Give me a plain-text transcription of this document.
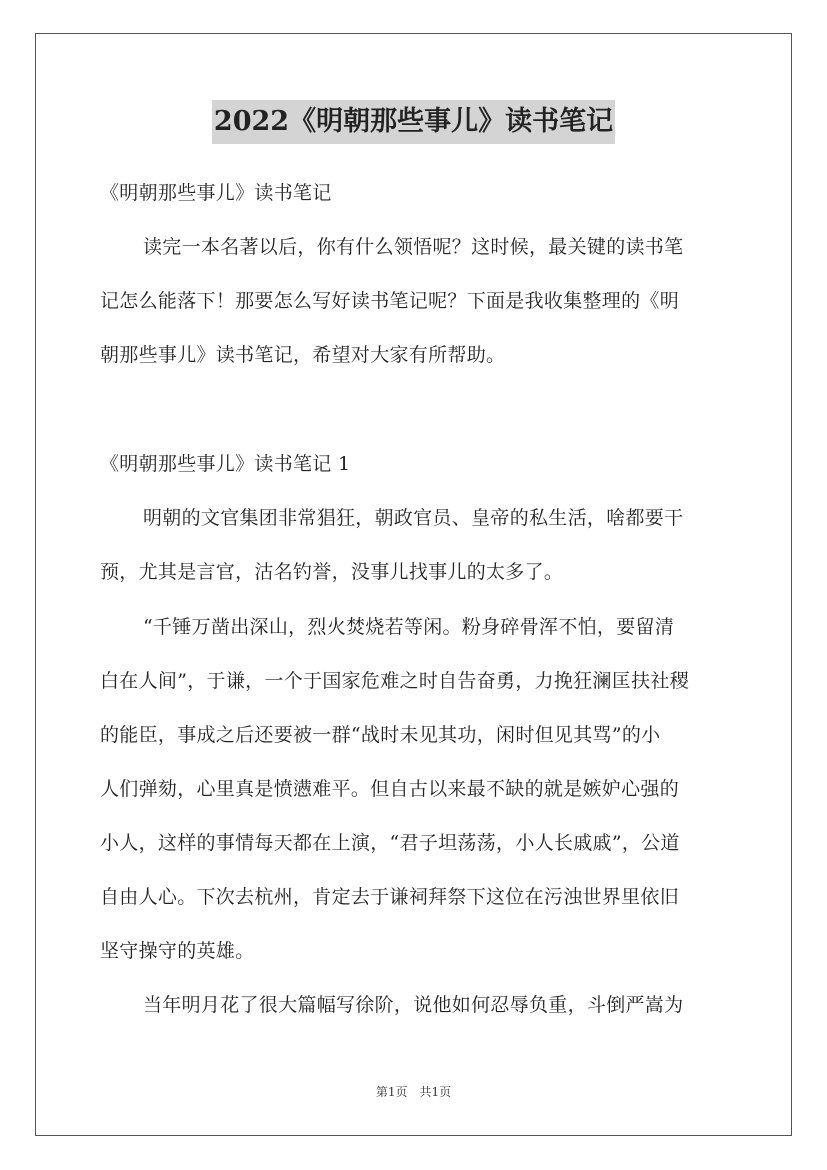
2022《明朝那些事儿》读书笔记
《明朝那些事儿》读书笔记
读完一本名著以后，你有什么领悟呢？这时候，最关键的读书笔
记怎么能落下！那要怎么写好读书笔记呢？下面是我收集整理的《明
朝那些事儿》读书笔记，希望对大家有所帮助。
《明朝那些事儿》读书笔记 1
明朝的文官集团非常猖狂，朝政官员、皇帝的私生活，啥都要干
预，尤其是言官，沽名钓誉，没事儿找事儿的太多了。
“千锤万凿出深山，烈火焚烧若等闲。粉身碎骨浑不怕，要留清
白在人间”，于谦，一个于国家危难之时自告奋勇，力挽狂澜匡扶社稷
的能臣，事成之后还要被一群“战时未见其功，闲时但见其骂”的小
人们弹劾，心里真是愤懑难平。但自古以来最不缺的就是嫉妒心强的
小人，这样的事情每天都在上演，“君子坦荡荡，小人长戚戚”，公道
自由人心。下次去杭州，肯定去于谦祠拜祭下这位在污浊世界里依旧
坚守操守的英雄。
当年明月花了很大篇幅写徐阶，说他如何忍辱负重，斗倒严嵩为
第1页　共1页
